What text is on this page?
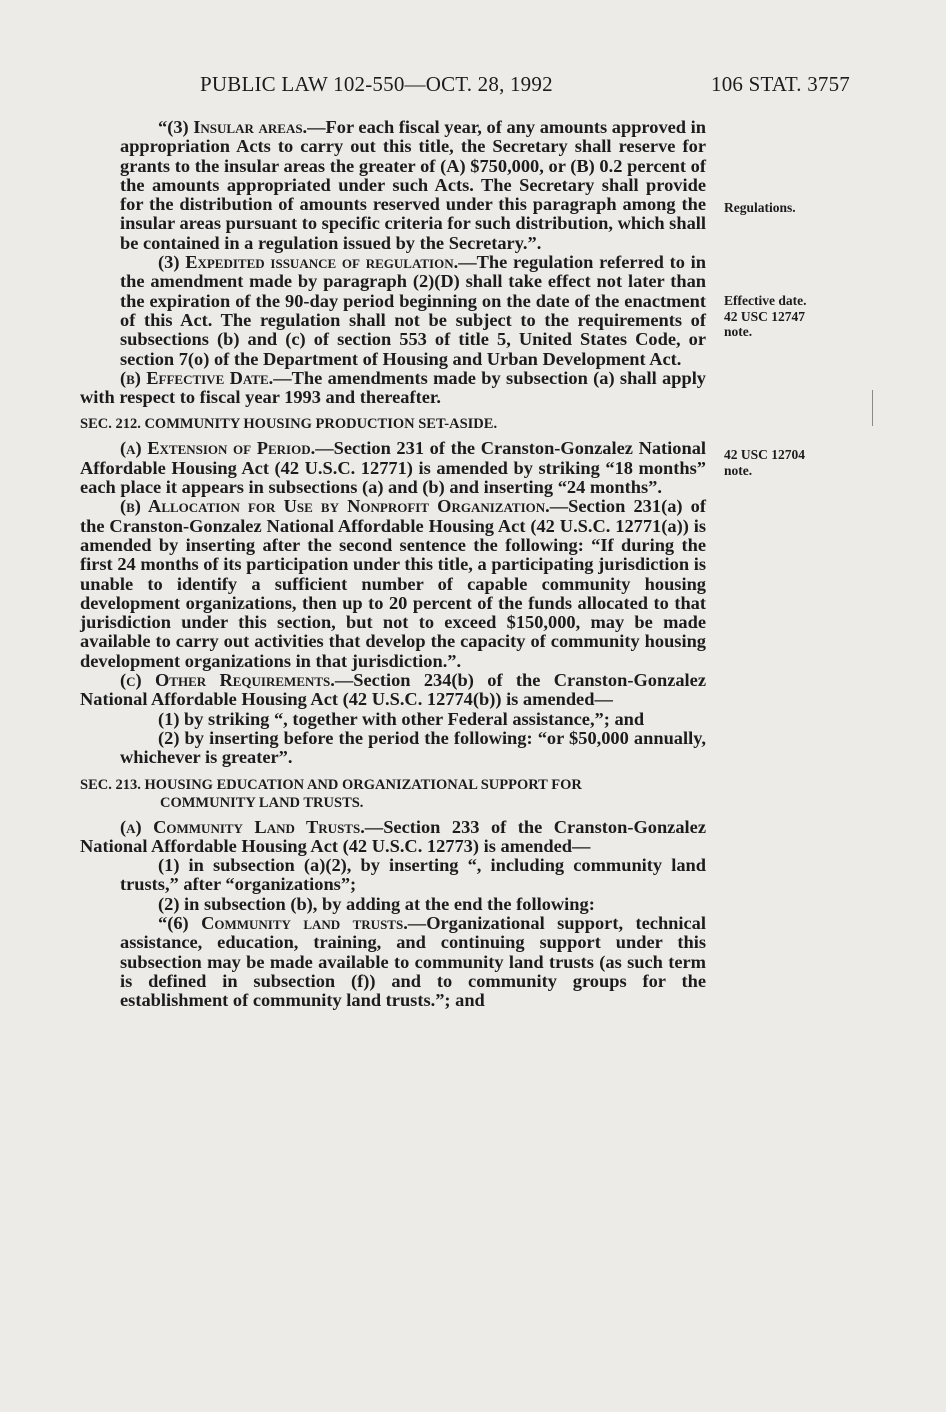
PUBLIC LAW 102-550—OCT. 28, 1992	106 STAT. 3757

“(3) Insular areas.—For each fiscal year, of any amounts approved in appropriation Acts to carry out this title, the Secretary shall reserve for grants to the insular areas the greater of (A) $750,000, or (B) 0.2 percent of the amounts appropriated under such Acts. The Secretary shall provide for the distribution of amounts reserved under this paragraph among the insular areas pursuant to specific criteria for such distribution, which shall be contained in a regulation issued by the Secretary.”.

(3) Expedited issuance of regulation.—The regulation referred to in the amendment made by paragraph (2)(D) shall take effect not later than the expiration of the 90-day period beginning on the date of the enactment of this Act. The regulation shall not be subject to the requirements of subsections (b) and (c) of section 553 of title 5, United States Code, or section 7(o) of the Department of Housing and Urban Development Act.

(b) Effective Date.—The amendments made by subsection (a) shall apply with respect to fiscal year 1993 and thereafter.

SEC. 212. COMMUNITY HOUSING PRODUCTION SET-ASIDE.

(a) Extension of Period.—Section 231 of the Cranston-Gonzalez National Affordable Housing Act (42 U.S.C. 12771) is amended by striking “18 months” each place it appears in subsections (a) and (b) and inserting “24 months”.

(b) Allocation for Use by Nonprofit Organization.—Section 231(a) of the Cranston-Gonzalez National Affordable Housing Act (42 U.S.C. 12771(a)) is amended by inserting after the second sentence the following: “If during the first 24 months of its participation under this title, a participating jurisdiction is unable to identify a sufficient number of capable community housing development organizations, then up to 20 percent of the funds allocated to that jurisdiction under this section, but not to exceed $150,000, may be made available to carry out activities that develop the capacity of community housing development organizations in that jurisdiction.”.

(c) Other Requirements.—Section 234(b) of the Cranston-Gonzalez National Affordable Housing Act (42 U.S.C. 12774(b)) is amended—

(1) by striking “, together with other Federal assistance,”; and

(2) by inserting before the period the following: “or $50,000 annually, whichever is greater”.

SEC. 213. HOUSING EDUCATION AND ORGANIZATIONAL SUPPORT FOR
COMMUNITY LAND TRUSTS.

(a) Community Land Trusts.—Section 233 of the Cranston-Gonzalez National Affordable Housing Act (42 U.S.C. 12773) is amended—

(1) in subsection (a)(2), by inserting “, including community land trusts,” after “organizations”;

(2) in subsection (b), by adding at the end the following:

“(6) Community land trusts.—Organizational support, technical assistance, education, training, and continuing support under this subsection may be made available to community land trusts (as such term is defined in subsection (f)) and to community groups for the establishment of community land trusts.”; and

Regulations.
Effective date.
42 USC 12747
note.
42 USC 12704
note.
